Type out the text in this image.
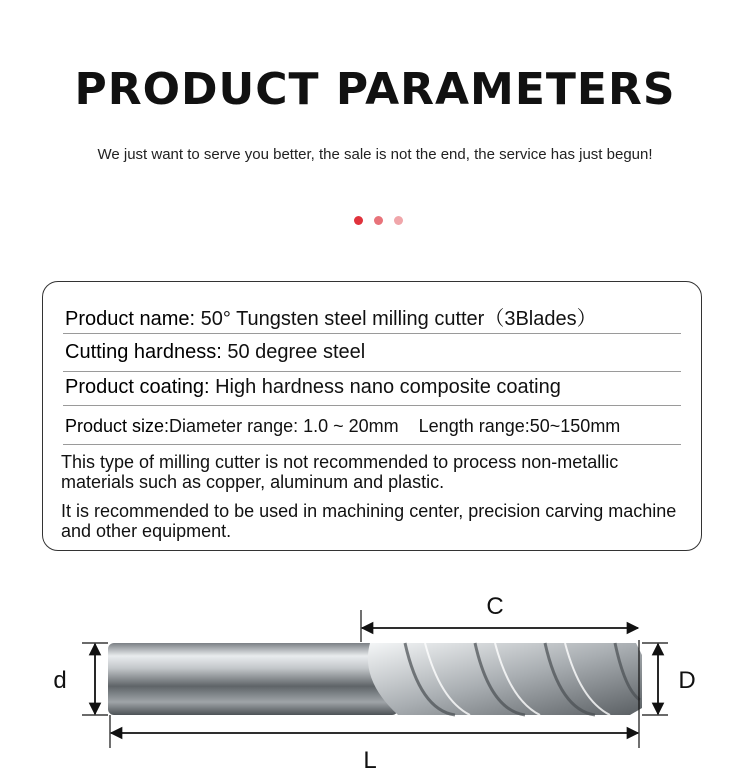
PRODUCT PARAMETERS
We just want to serve you better, the sale is not the end, the service has just begun!
Product name: 50° Tungsten steel milling cutter（3Blades）
Cutting hardness: 50 degree steel
Product coating: High hardness nano composite coating
Product size:Diameter range: 1.0 ~ 20mm    Length range:50~150mm
This type of milling cutter is not recommended to process non-metallic materials such as copper, aluminum and plastic.
It is recommended to be used in machining center, precision carving machine and other equipment.
C
d	D
L
